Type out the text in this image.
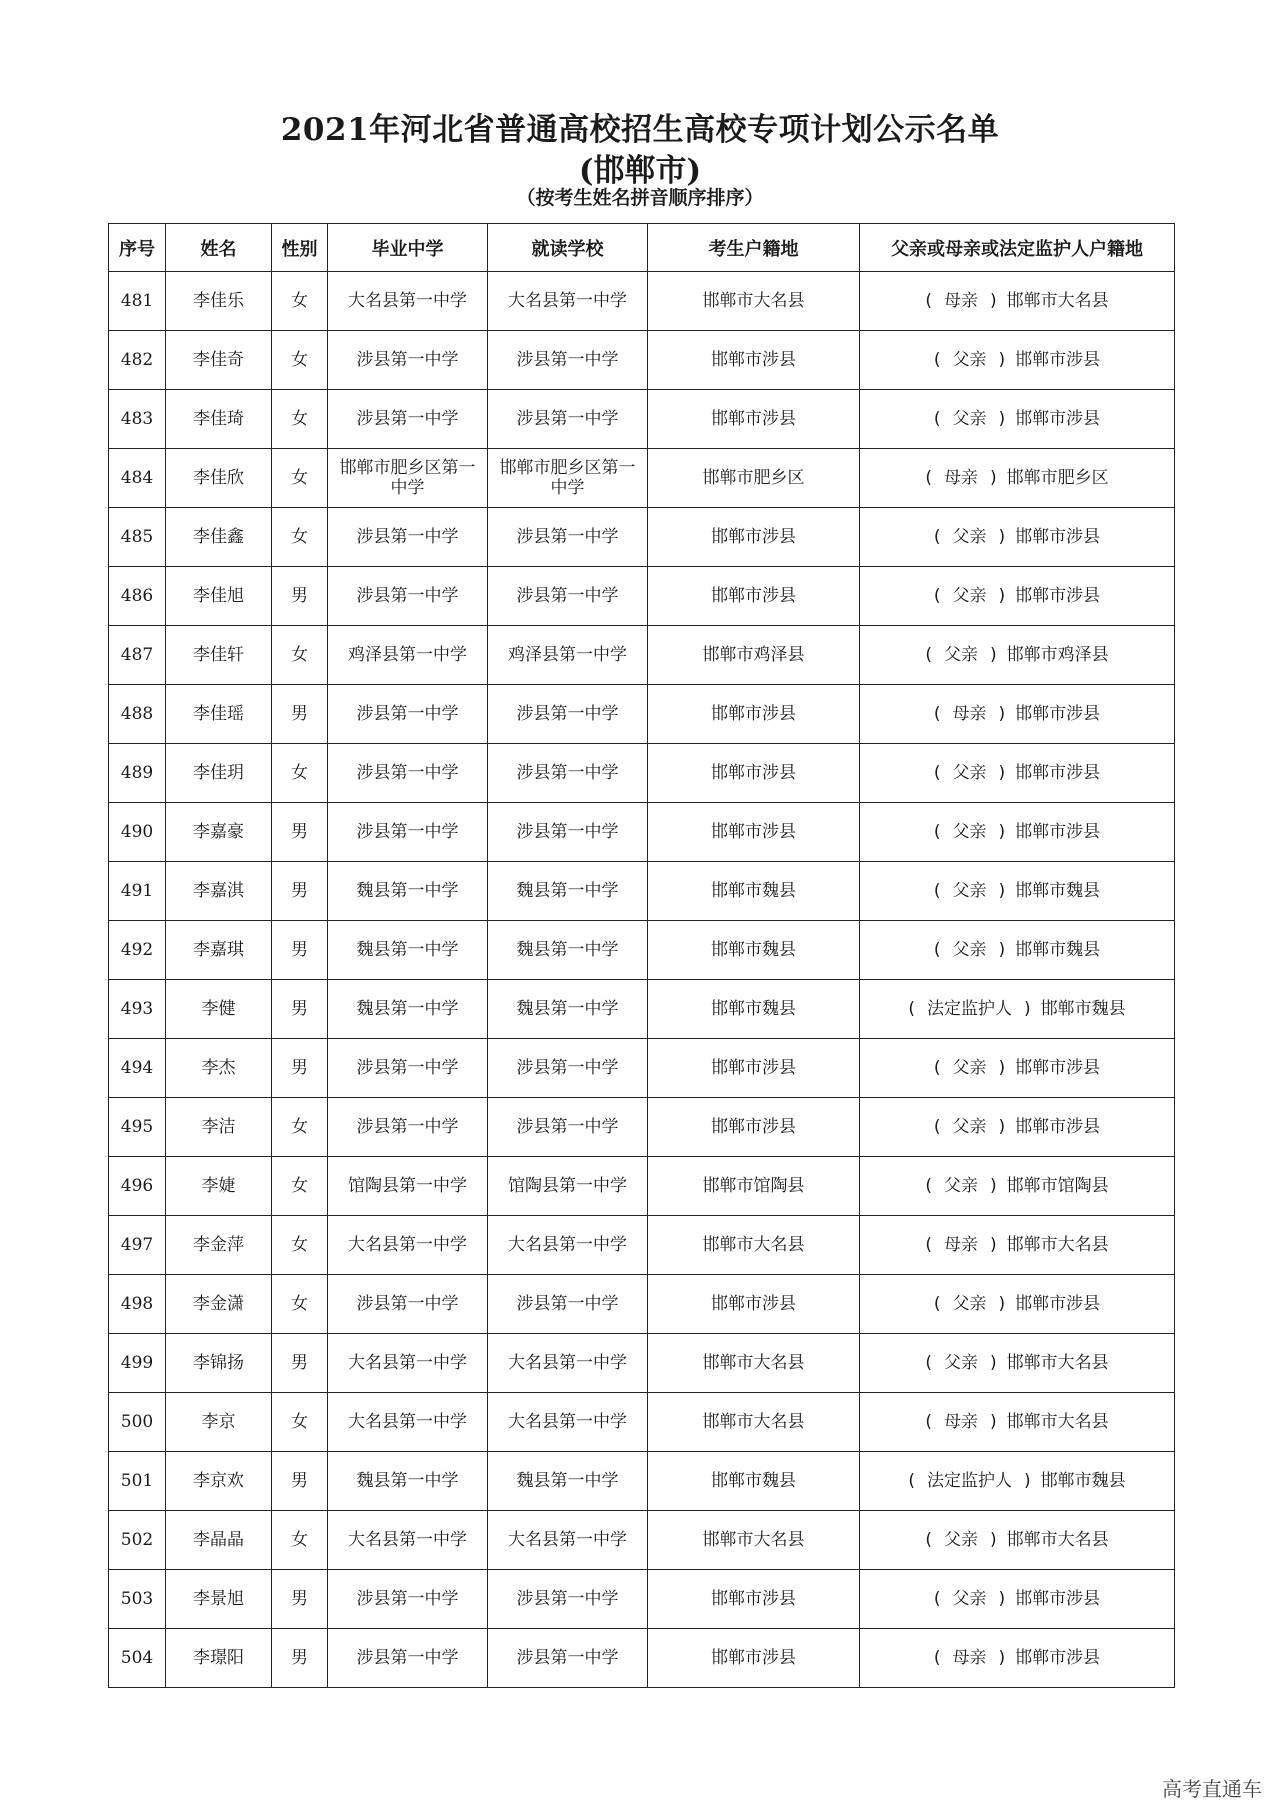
2021年河北省普通高校招生高校专项计划公示名单
(邯郸市)
（按考生姓名拼音顺序排序）
序号	姓名	性别	毕业中学	就读学校	考生户籍地	父亲或母亲或法定监护人户籍地
481	李佳乐	女	大名县第一中学	大名县第一中学	邯郸市大名县	( 母亲 ) 邯郸市大名县
482	李佳奇	女	涉县第一中学	涉县第一中学	邯郸市涉县	( 父亲 ) 邯郸市涉县
483	李佳琦	女	涉县第一中学	涉县第一中学	邯郸市涉县	( 父亲 ) 邯郸市涉县
484	李佳欣	女	邯郸市肥乡区第一中学	邯郸市肥乡区第一中学	邯郸市肥乡区	( 母亲 ) 邯郸市肥乡区
485	李佳鑫	女	涉县第一中学	涉县第一中学	邯郸市涉县	( 父亲 ) 邯郸市涉县
486	李佳旭	男	涉县第一中学	涉县第一中学	邯郸市涉县	( 父亲 ) 邯郸市涉县
487	李佳轩	女	鸡泽县第一中学	鸡泽县第一中学	邯郸市鸡泽县	( 父亲 ) 邯郸市鸡泽县
488	李佳瑶	男	涉县第一中学	涉县第一中学	邯郸市涉县	( 母亲 ) 邯郸市涉县
489	李佳玥	女	涉县第一中学	涉县第一中学	邯郸市涉县	( 父亲 ) 邯郸市涉县
490	李嘉豪	男	涉县第一中学	涉县第一中学	邯郸市涉县	( 父亲 ) 邯郸市涉县
491	李嘉淇	男	魏县第一中学	魏县第一中学	邯郸市魏县	( 父亲 ) 邯郸市魏县
492	李嘉琪	男	魏县第一中学	魏县第一中学	邯郸市魏县	( 父亲 ) 邯郸市魏县
493	李健	男	魏县第一中学	魏县第一中学	邯郸市魏县	( 法定监护人 ) 邯郸市魏县
494	李杰	男	涉县第一中学	涉县第一中学	邯郸市涉县	( 父亲 ) 邯郸市涉县
495	李洁	女	涉县第一中学	涉县第一中学	邯郸市涉县	( 父亲 ) 邯郸市涉县
496	李婕	女	馆陶县第一中学	馆陶县第一中学	邯郸市馆陶县	( 父亲 ) 邯郸市馆陶县
497	李金萍	女	大名县第一中学	大名县第一中学	邯郸市大名县	( 母亲 ) 邯郸市大名县
498	李金潇	女	涉县第一中学	涉县第一中学	邯郸市涉县	( 父亲 ) 邯郸市涉县
499	李锦扬	男	大名县第一中学	大名县第一中学	邯郸市大名县	( 父亲 ) 邯郸市大名县
500	李京	女	大名县第一中学	大名县第一中学	邯郸市大名县	( 母亲 ) 邯郸市大名县
501	李京欢	男	魏县第一中学	魏县第一中学	邯郸市魏县	( 法定监护人 ) 邯郸市魏县
502	李晶晶	女	大名县第一中学	大名县第一中学	邯郸市大名县	( 父亲 ) 邯郸市大名县
503	李景旭	男	涉县第一中学	涉县第一中学	邯郸市涉县	( 父亲 ) 邯郸市涉县
504	李璟阳	男	涉县第一中学	涉县第一中学	邯郸市涉县	( 母亲 ) 邯郸市涉县
高考直通车
